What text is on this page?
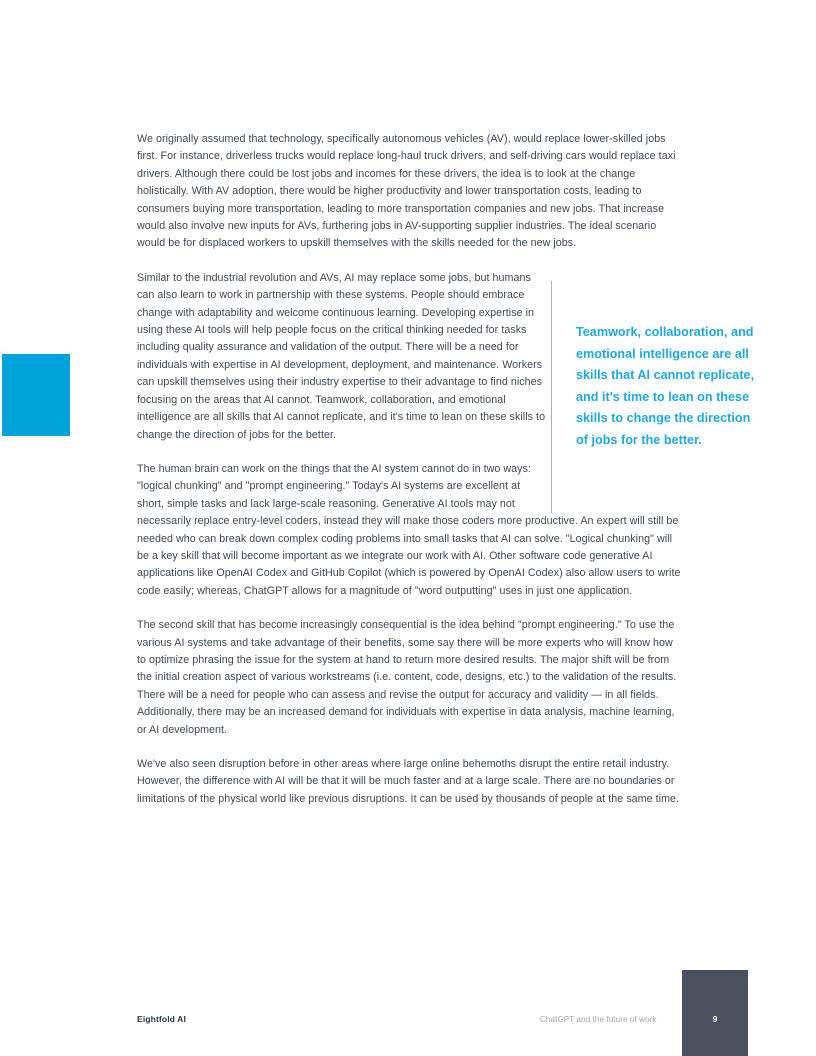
We originally assumed that technology, specifically autonomous vehicles (AV), would replace lower-skilled jobs first. For instance, driverless trucks would replace long-haul truck drivers, and self-driving cars would replace taxi drivers. Although there could be lost jobs and incomes for these drivers, the idea is to look at the change holistically. With AV adoption, there would be higher productivity and lower transportation costs, leading to consumers buying more transportation, leading to more transportation companies and new jobs. That increase would also involve new inputs for AVs, furthering jobs in AV-supporting supplier industries. The ideal scenario would be for displaced workers to upskill themselves with the skills needed for the new jobs.

Similar to the industrial revolution and AVs, AI may replace some jobs, but humans can also learn to work in partnership with these systems. People should embrace change with adaptability and welcome continuous learning. Developing expertise in using these AI tools will help people focus on the critical thinking needed for tasks including quality assurance and validation of the output. There will be a need for individuals with expertise in AI development, deployment, and maintenance. Workers can upskill themselves using their industry expertise to their advantage to find niches focusing on the areas that AI cannot. Teamwork, collaboration, and emotional intelligence are all skills that AI cannot replicate, and it's time to lean on these skills to change the direction of jobs for the better.

The human brain can work on the things that the AI system cannot do in two ways: "logical chunking" and "prompt engineering." Today's AI systems are excellent at short, simple tasks and lack large-scale reasoning. Generative AI tools may not necessarily replace entry-level coders, instead they will make those coders more productive. An expert will still be needed who can break down complex coding problems into small tasks that AI can solve. "Logical chunking" will be a key skill that will become important as we integrate our work with AI. Other software code generative AI applications like OpenAI Codex and GitHub Copilot (which is powered by OpenAI Codex) also allow users to write code easily; whereas, ChatGPT allows for a magnitude of "word outputting" uses in just one application.

The second skill that has become increasingly consequential is the idea behind "prompt engineering." To use the various AI systems and take advantage of their benefits, some say there will be more experts who will know how to optimize phrasing the issue for the system at hand to return more desired results. The major shift will be from the initial creation aspect of various workstreams (i.e. content, code, designs, etc.) to the validation of the results. There will be a need for people who can assess and revise the output for accuracy and validity — in all fields. Additionally, there may be an increased demand for individuals with expertise in data analysis, machine learning, or AI development.

We've also seen disruption before in other areas where large online behemoths disrupt the entire retail industry. However, the difference with AI will be that it will be much faster and at a large scale. There are no boundaries or limitations of the physical world like previous disruptions. It can be used by thousands of people at the same time.

Teamwork, collaboration, and emotional intelligence are all skills that AI cannot replicate, and it's time to lean on these skills to change the direction of jobs for the better.
Eightfold AI	ChatGPT and the future of work	9
